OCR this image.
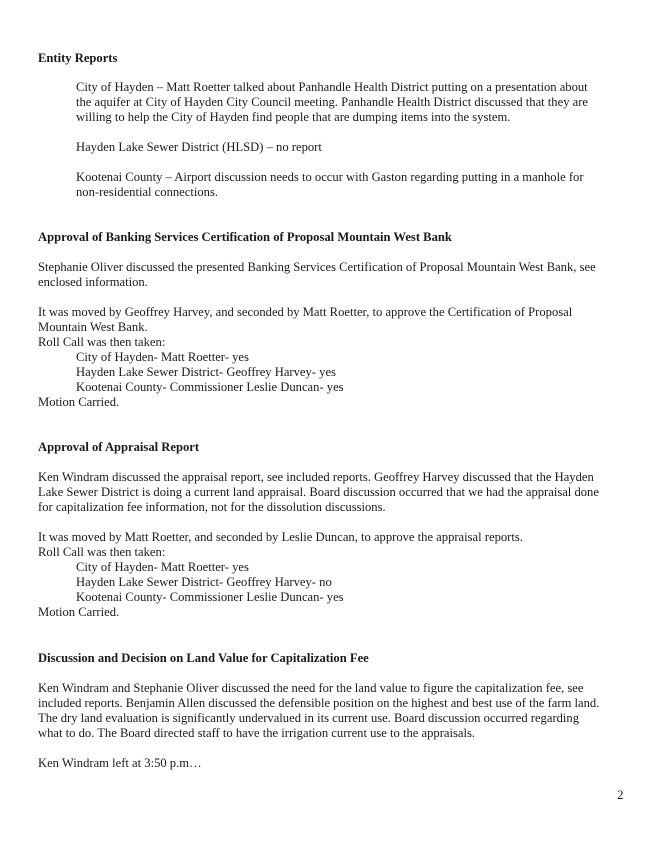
Entity Reports
City of Hayden – Matt Roetter talked about Panhandle Health District putting on a presentation about
the aquifer at City of Hayden City Council meeting. Panhandle Health District discussed that they are
willing to help the City of Hayden find people that are dumping items into the system.
Hayden Lake Sewer District (HLSD) – no report
Kootenai County – Airport discussion needs to occur with Gaston regarding putting in a manhole for
non-residential connections.
Approval of Banking Services Certification of Proposal Mountain West Bank
Stephanie Oliver discussed the presented Banking Services Certification of Proposal Mountain West Bank, see
enclosed information.
It was moved by Geoffrey Harvey, and seconded by Matt Roetter, to approve the Certification of Proposal
Mountain West Bank.
Roll Call was then taken:
City of Hayden- Matt Roetter- yes
Hayden Lake Sewer District- Geoffrey Harvey- yes
Kootenai County- Commissioner Leslie Duncan- yes
Motion Carried.
Approval of Appraisal Report
Ken Windram discussed the appraisal report, see included reports. Geoffrey Harvey discussed that the Hayden
Lake Sewer District is doing a current land appraisal. Board discussion occurred that we had the appraisal done
for capitalization fee information, not for the dissolution discussions.
It was moved by Matt Roetter, and seconded by Leslie Duncan, to approve the appraisal reports.
Roll Call was then taken:
City of Hayden- Matt Roetter- yes
Hayden Lake Sewer District- Geoffrey Harvey- no
Kootenai County- Commissioner Leslie Duncan- yes
Motion Carried.
Discussion and Decision on Land Value for Capitalization Fee
Ken Windram and Stephanie Oliver discussed the need for the land value to figure the capitalization fee, see
included reports. Benjamin Allen discussed the defensible position on the highest and best use of the farm land.
The dry land evaluation is significantly undervalued in its current use. Board discussion occurred regarding
what to do. The Board directed staff to have the irrigation current use to the appraisals.
Ken Windram left at 3:50 p.m…
2
